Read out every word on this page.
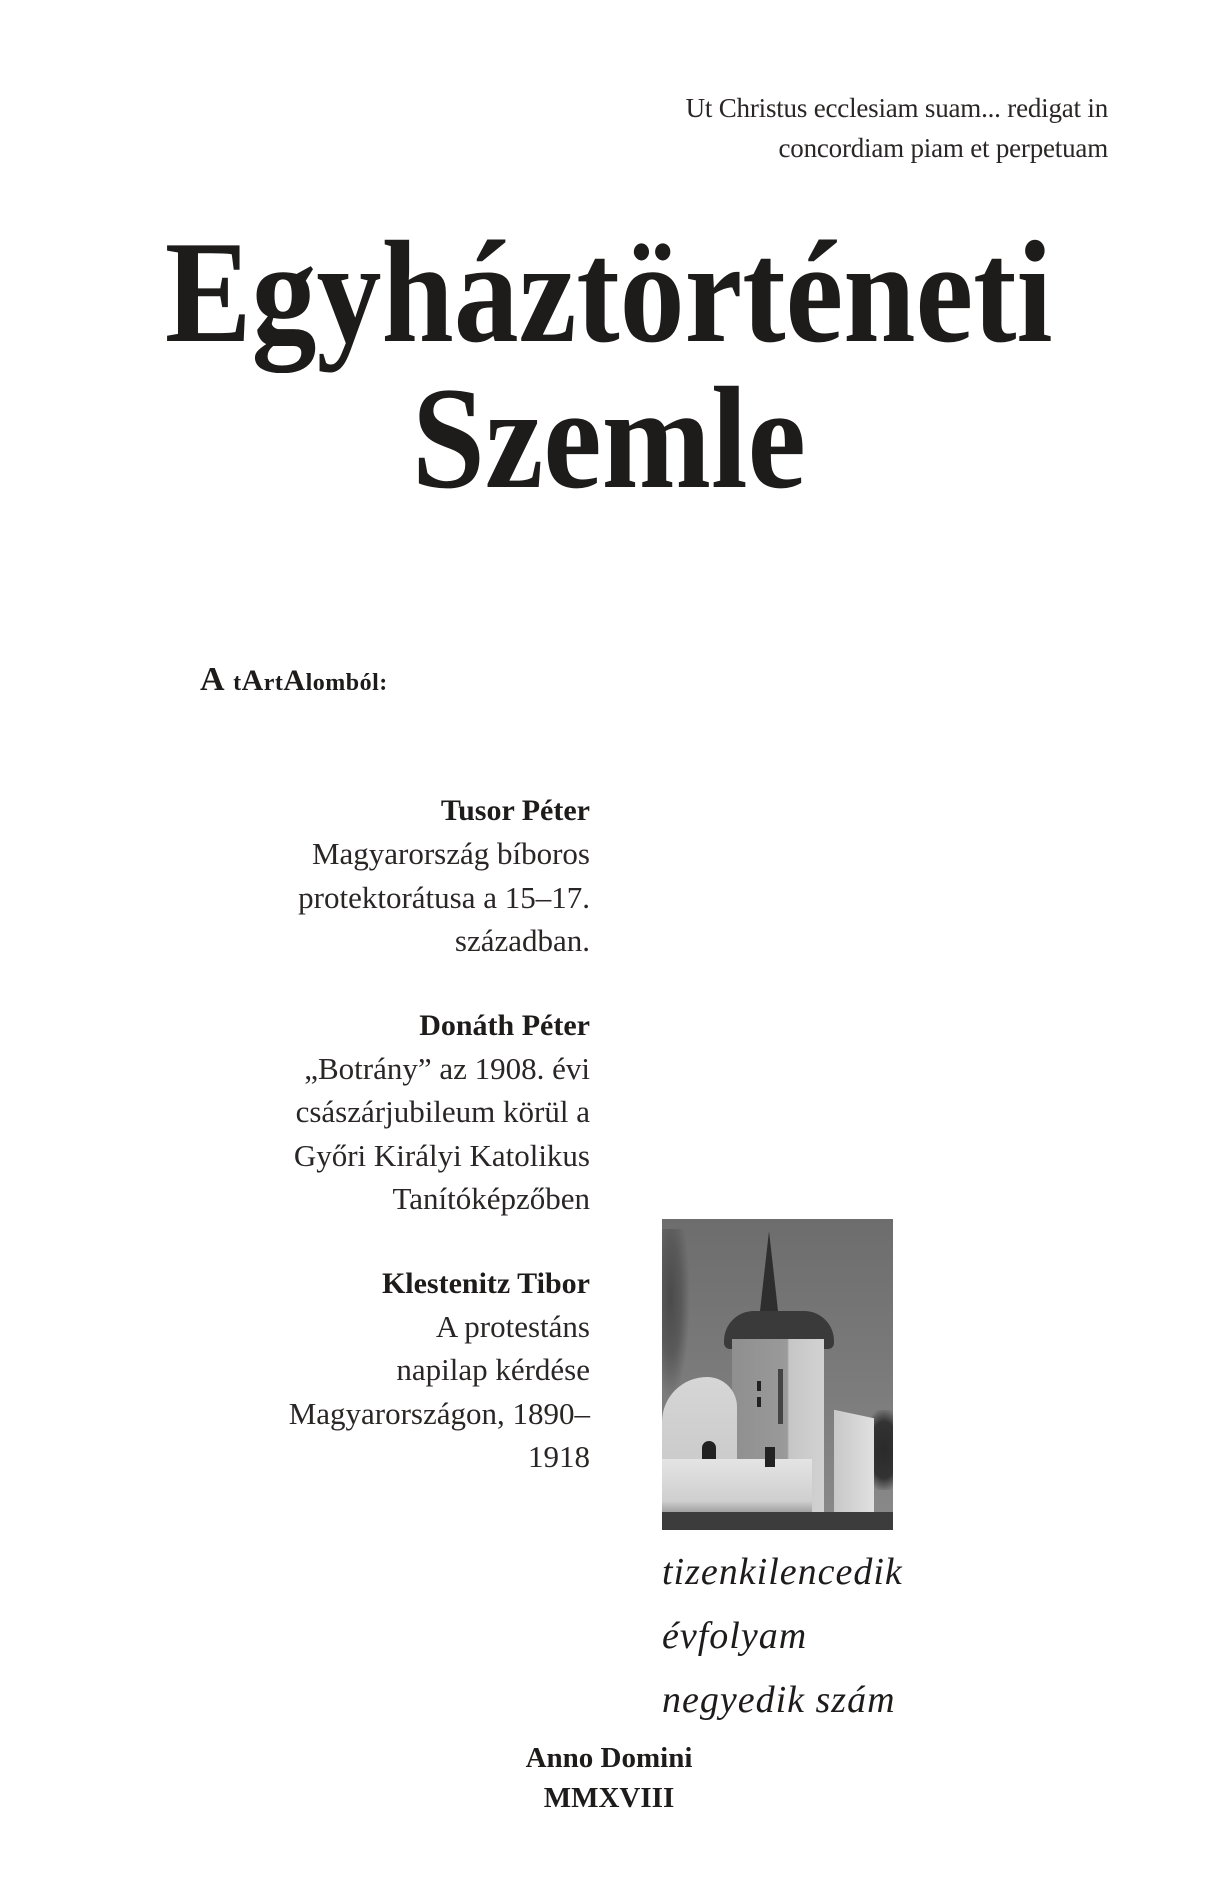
Ut Christus ecclesiam suam... redigat in
concordiam piam et perpetuam
Egyháztörténeti
Szemle
A tArtAlomból:
Tusor Péter
Magyarország bíboros
protektorátusa a 15–17.
században.
Donáth Péter
„Botrány” az 1908. évi
császárjubileum körül a
Győri Királyi Katolikus
Tanítóképzőben
Klestenitz Tibor
A protestáns
napilap kérdése
Magyarországon, 1890–
1918
tizenkilencedik
évfolyam
negyedik szám
Anno Domini
MMXVIII
